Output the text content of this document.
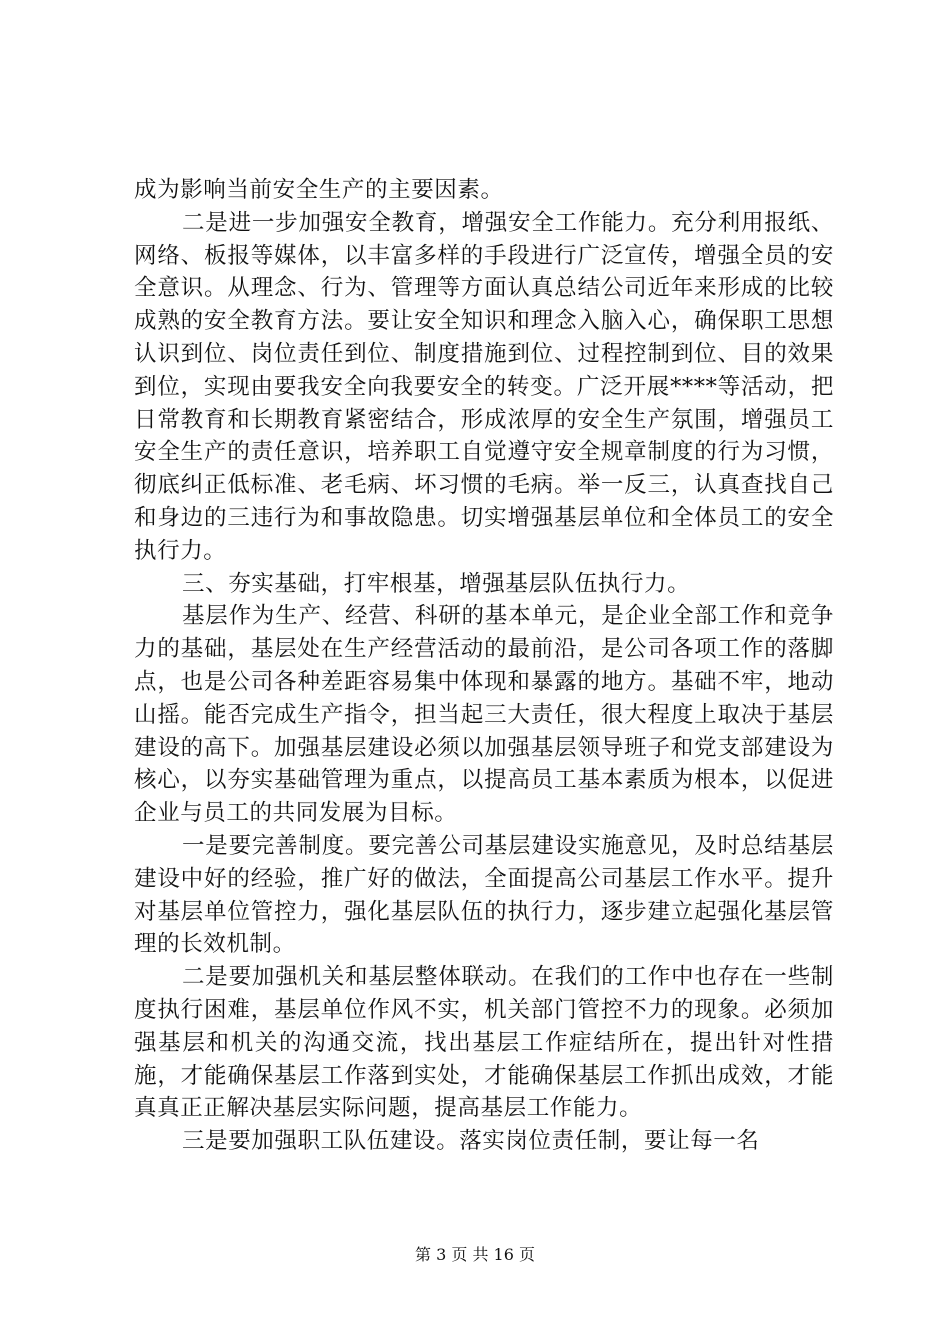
成为影响当前安全生产的主要因素。

二是进一步加强安全教育，增强安全工作能力。充分利用报纸、网络、板报等媒体，以丰富多样的手段进行广泛宣传，增强全员的安全意识。从理念、行为、管理等方面认真总结公司近年来形成的比较成熟的安全教育方法。要让安全知识和理念入脑入心，确保职工思想认识到位、岗位责任到位、制度措施到位、过程控制到位、目的效果到位，实现由要我安全向我要安全的转变。广泛开展****等活动，把日常教育和长期教育紧密结合，形成浓厚的安全生产氛围，增强员工安全生产的责任意识，培养职工自觉遵守安全规章制度的行为习惯，彻底纠正低标准、老毛病、坏习惯的毛病。举一反三，认真查找自己和身边的三违行为和事故隐患。切实增强基层单位和全体员工的安全执行力。

三、夯实基础，打牢根基，增强基层队伍执行力。

基层作为生产、经营、科研的基本单元，是企业全部工作和竞争力的基础，基层处在生产经营活动的最前沿，是公司各项工作的落脚点，也是公司各种差距容易集中体现和暴露的地方。基础不牢，地动山摇。能否完成生产指令，担当起三大责任，很大程度上取决于基层建设的高下。加强基层建设必须以加强基层领导班子和党支部建设为核心，以夯实基础管理为重点，以提高员工基本素质为根本，以促进企业与员工的共同发展为目标。

一是要完善制度。要完善公司基层建设实施意见，及时总结基层建设中好的经验，推广好的做法，全面提高公司基层工作水平。提升对基层单位管控力，强化基层队伍的执行力，逐步建立起强化基层管理的长效机制。

二是要加强机关和基层整体联动。在我们的工作中也存在一些制度执行困难，基层单位作风不实，机关部门管控不力的现象。必须加强基层和机关的沟通交流，找出基层工作症结所在，提出针对性措施，才能确保基层工作落到实处，才能确保基层工作抓出成效，才能真真正正解决基层实际问题，提高基层工作能力。

三是要加强职工队伍建设。落实岗位责任制，要让每一名

第 3 页 共 16 页
